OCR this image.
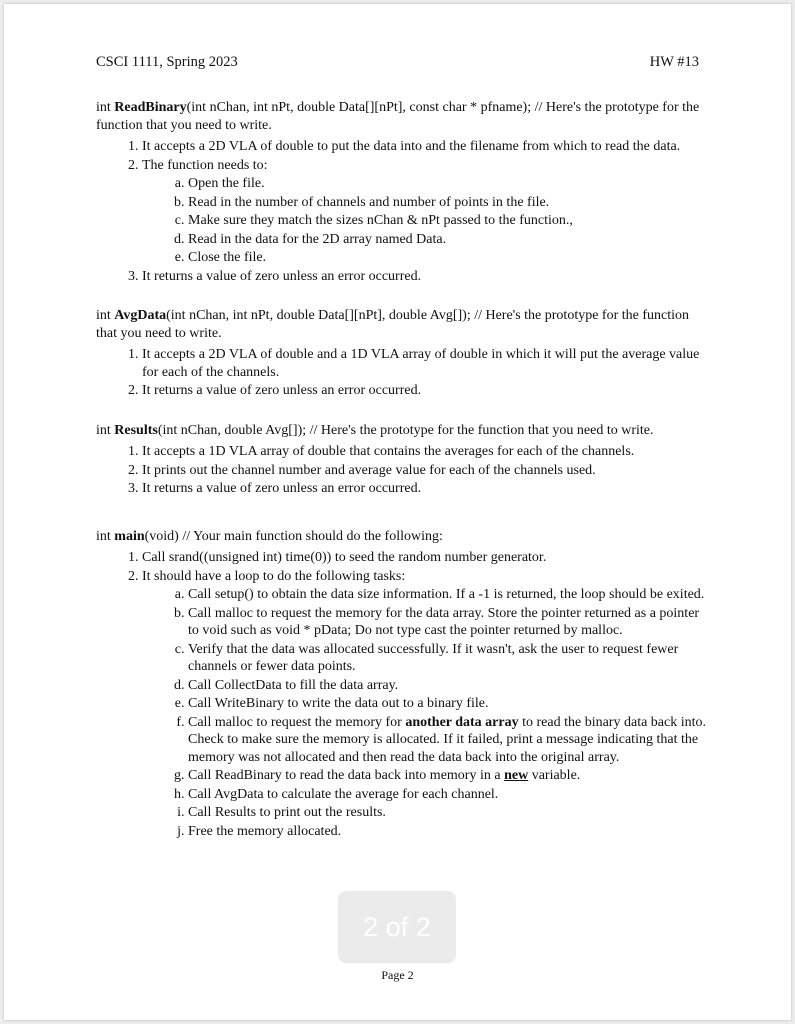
CSCI 1111, Spring 2023	HW #13

int ReadBinary(int nChan, int nPt, double Data[][nPt], const char * pfname); // Here's the prototype for the function that you need to write.

1. It accepts a 2D VLA of double to put the data into and the filename from which to read the data.
2. The function needs to:
a. Open the file.
b. Read in the number of channels and number of points in the file.
c. Make sure they match the sizes nChan & nPt passed to the function.,
d. Read in the data for the 2D array named Data.
e. Close the file.
3. It returns a value of zero unless an error occurred.

int AvgData(int nChan, int nPt, double Data[][nPt], double Avg[]); // Here's the prototype for the function that you need to write.

1. It accepts a 2D VLA of double and a 1D VLA array of double in which it will put the average value for each of the channels.
2. It returns a value of zero unless an error occurred.

int Results(int nChan, double Avg[]); // Here's the prototype for the function that you need to write.

1. It accepts a 1D VLA array of double that contains the averages for each of the channels.
2. It prints out the channel number and average value for each of the channels used.
3. It returns a value of zero unless an error occurred.

int main(void) // Your main function should do the following:

1. Call srand((unsigned int) time(0)) to seed the random number generator.
2. It should have a loop to do the following tasks:
a. Call setup() to obtain the data size information. If a -1 is returned, the loop should be exited.
b. Call malloc to request the memory for the data array. Store the pointer returned as a pointer to void such as void * pData; Do not type cast the pointer returned by malloc.
c. Verify that the data was allocated successfully. If it wasn't, ask the user to request fewer channels or fewer data points.
d. Call CollectData to fill the data array.
e. Call WriteBinary to write the data out to a binary file.
f. Call malloc to request the memory for another data array to read the binary data back into. Check to make sure the memory is allocated. If it failed, print a message indicating that the memory was not allocated and then read the data back into the original array.
g. Call ReadBinary to read the data back into memory in a new variable.
h. Call AvgData to calculate the average for each channel.
i. Call Results to print out the results.
j. Free the memory allocated.
Page 2
2 of 2
